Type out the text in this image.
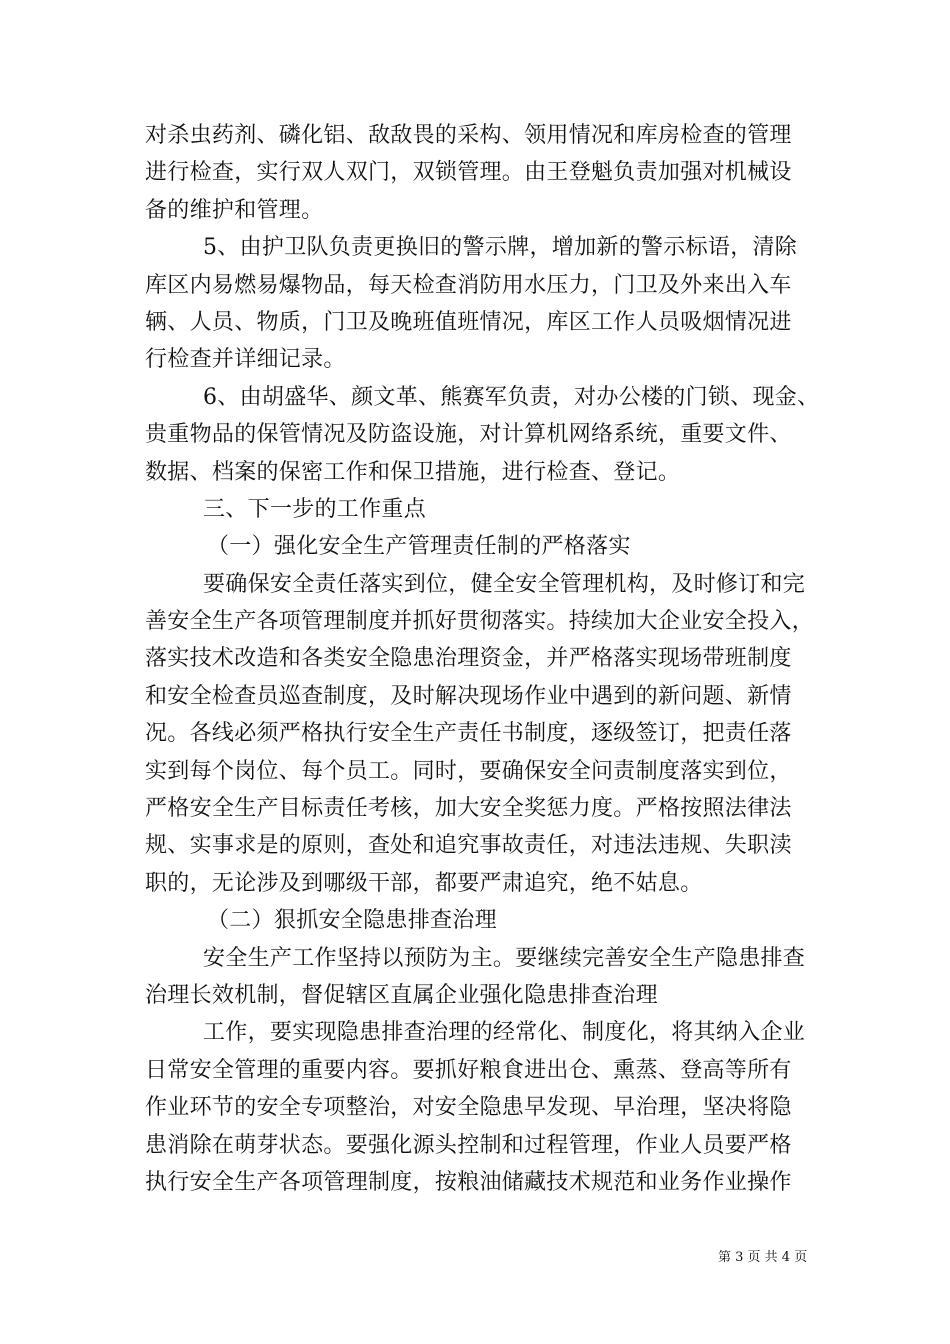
对杀虫药剂、磷化铝、敌敌畏的采构、领用情况和库房检查的管理
进行检查，实行双人双门，双锁管理。由王登魁负责加强对机械设
备的维护和管理。
5、由护卫队负责更换旧的警示牌，增加新的警示标语，清除
库区内易燃易爆物品，每天检查消防用水压力，门卫及外来出入车
辆、人员、物质，门卫及晚班值班情况，库区工作人员吸烟情况进
行检查并详细记录。
6、由胡盛华、颜文革、熊赛军负责，对办公楼的门锁、现金、
贵重物品的保管情况及防盗设施，对计算机网络系统，重要文件、
数据、档案的保密工作和保卫措施，进行检查、登记。
三、下一步的工作重点
（一）强化安全生产管理责任制的严格落实
要确保安全责任落实到位，健全安全管理机构，及时修订和完
善安全生产各项管理制度并抓好贯彻落实。持续加大企业安全投入，
落实技术改造和各类安全隐患治理资金，并严格落实现场带班制度
和安全检查员巡查制度，及时解决现场作业中遇到的新问题、新情
况。各线必须严格执行安全生产责任书制度，逐级签订，把责任落
实到每个岗位、每个员工。同时，要确保安全问责制度落实到位，
严格安全生产目标责任考核，加大安全奖惩力度。严格按照法律法
规、实事求是的原则，查处和追究事故责任，对违法违规、失职渎
职的，无论涉及到哪级干部，都要严肃追究，绝不姑息。
（二）狠抓安全隐患排查治理
安全生产工作坚持以预防为主。要继续完善安全生产隐患排查
治理长效机制，督促辖区直属企业强化隐患排查治理
工作，要实现隐患排查治理的经常化、制度化，将其纳入企业
日常安全管理的重要内容。要抓好粮食进出仓、熏蒸、登高等所有
作业环节的安全专项整治，对安全隐患早发现、早治理，坚决将隐
患消除在萌芽状态。要强化源头控制和过程管理，作业人员要严格
执行安全生产各项管理制度，按粮油储藏技术规范和业务作业操作
第 3 页 共 4 页
